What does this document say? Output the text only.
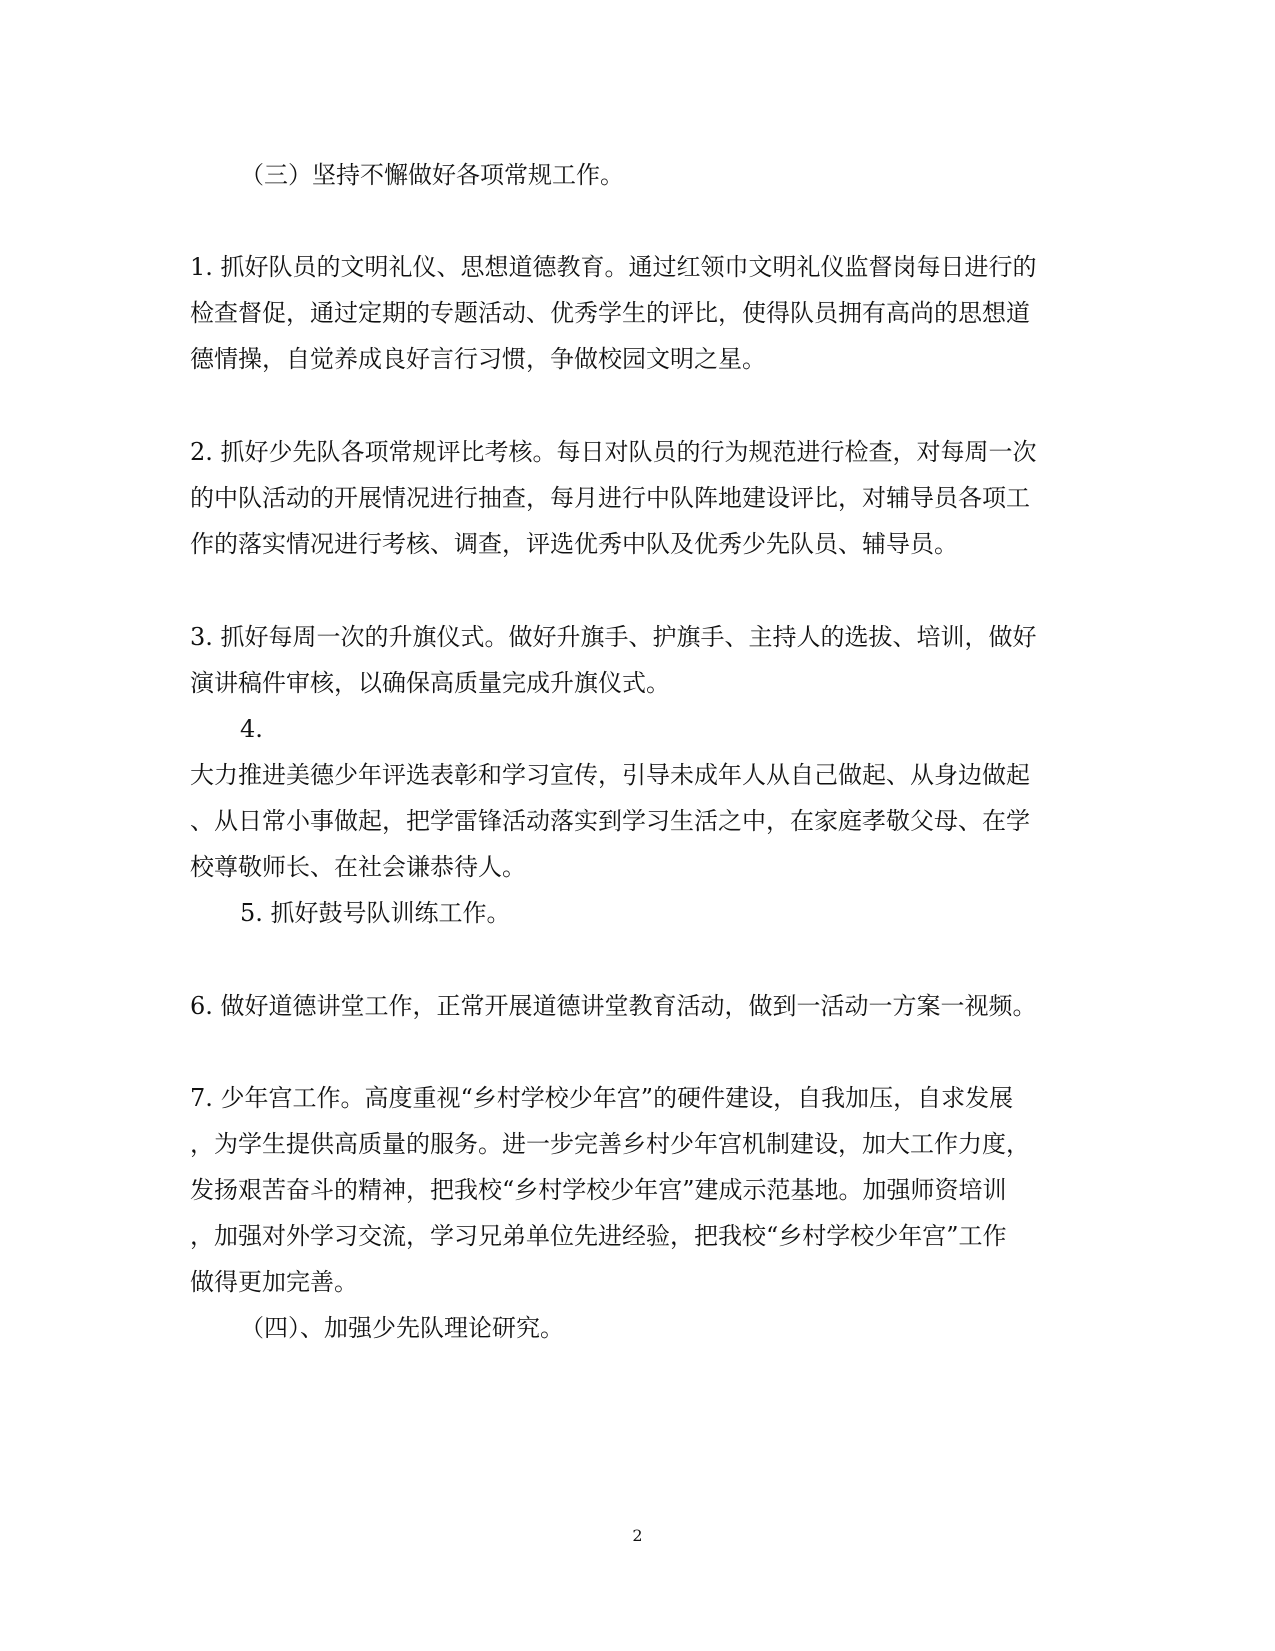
（三）坚持不懈做好各项常规工作。
1. 抓好队员的文明礼仪、思想道德教育。通过红领巾文明礼仪监督岗每日进行的
检查督促，通过定期的专题活动、优秀学生的评比，使得队员拥有高尚的思想道
德情操，自觉养成良好言行习惯，争做校园文明之星。
2. 抓好少先队各项常规评比考核。每日对队员的行为规范进行检查，对每周一次
的中队活动的开展情况进行抽查，每月进行中队阵地建设评比，对辅导员各项工
作的落实情况进行考核、调查，评选优秀中队及优秀少先队员、辅导员。
3. 抓好每周一次的升旗仪式。做好升旗手、护旗手、主持人的选拔、培训，做好
演讲稿件审核，以确保高质量完成升旗仪式。
4.
大力推进美德少年评选表彰和学习宣传，引导未成年人从自己做起、从身边做起
、从日常小事做起，把学雷锋活动落实到学习生活之中，在家庭孝敬父母、在学
校尊敬师长、在社会谦恭待人。
5. 抓好鼓号队训练工作。
6. 做好道德讲堂工作，正常开展道德讲堂教育活动，做到一活动一方案一视频。
7. 少年宫工作。高度重视“乡村学校少年宫”的硬件建设，自我加压，自求发展
，为学生提供高质量的服务。进一步完善乡村少年宫机制建设，加大工作力度，
发扬艰苦奋斗的精神，把我校“乡村学校少年宫”建成示范基地。加强师资培训
，加强对外学习交流，学习兄弟单位先进经验，把我校“乡村学校少年宫”工作
做得更加完善。
（四）、加强少先队理论研究。
2
